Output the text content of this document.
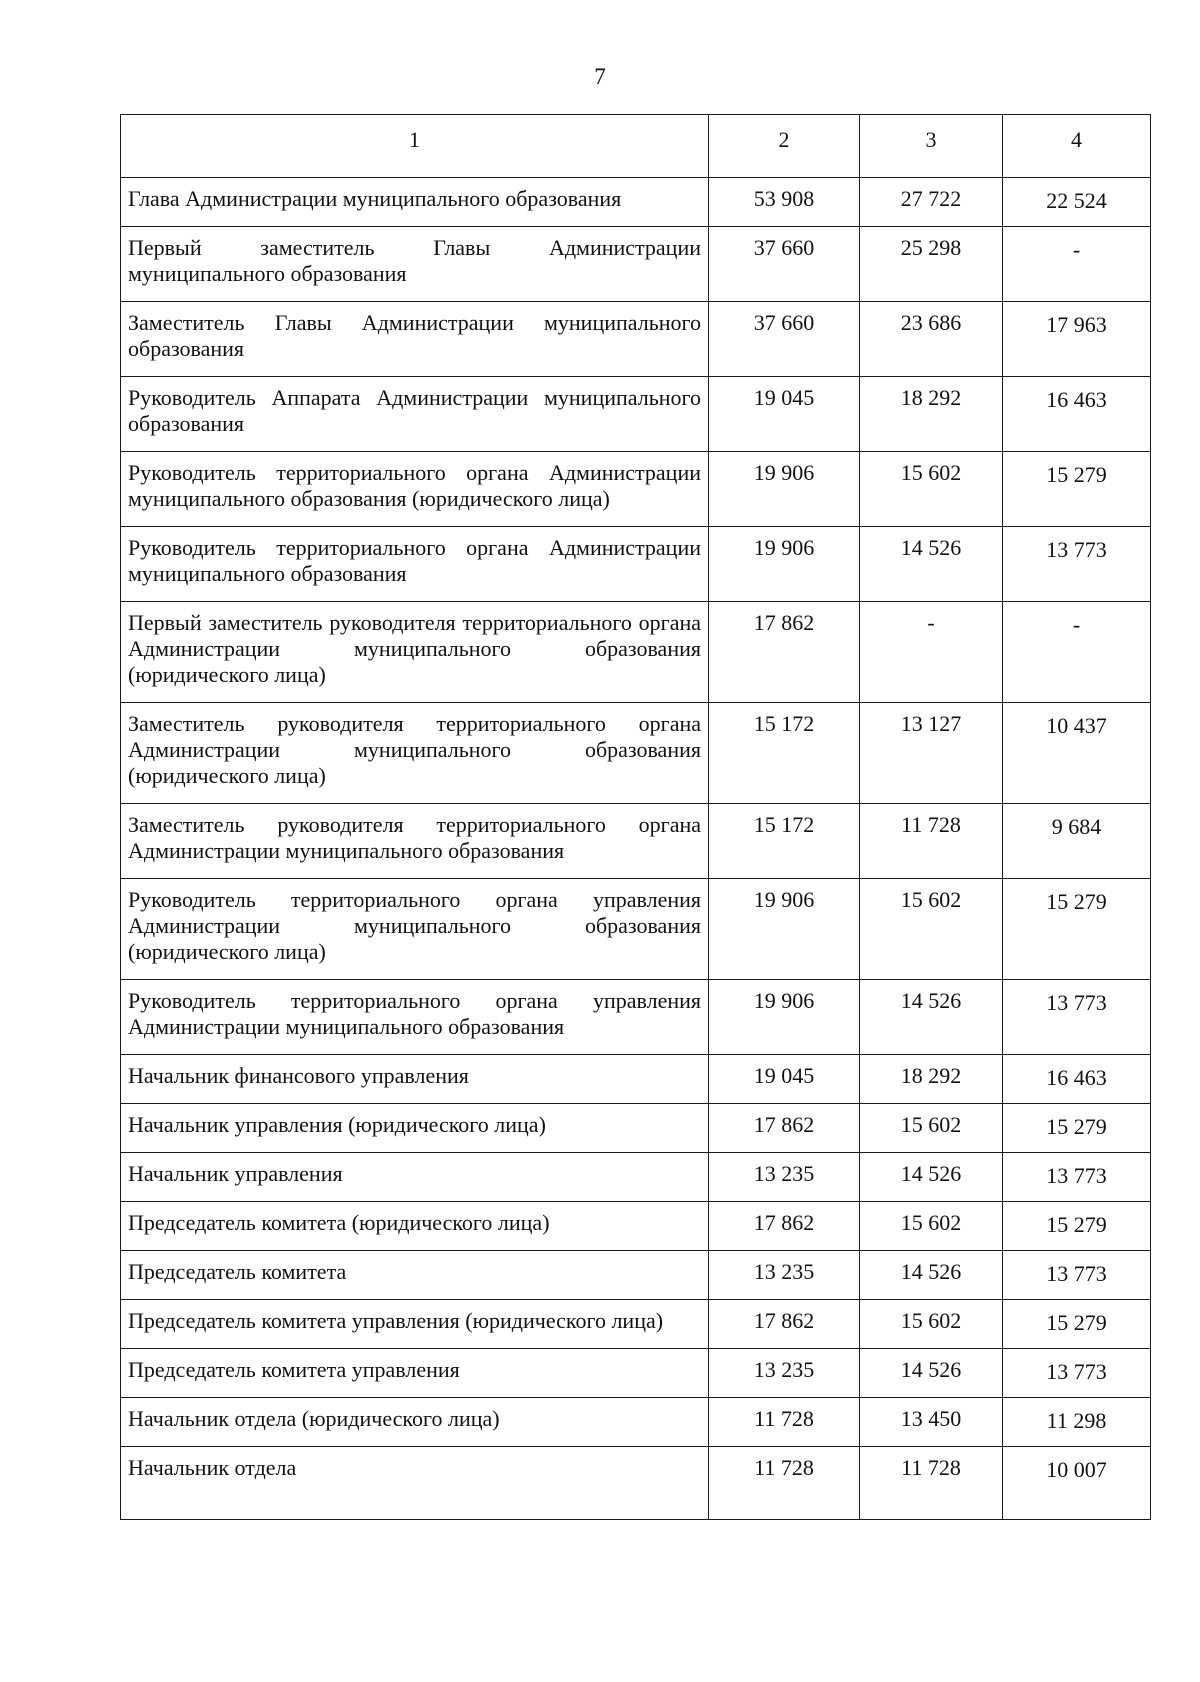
7
1	2	3	4
Глава Администрации муниципального образования	53 908	27 722	22 524
Первый заместитель Главы Администрации муниципального образования	37 660	25 298	-
Заместитель Главы Администрации муниципального образования	37 660	23 686	17 963
Руководитель Аппарата Администрации муниципального образования	19 045	18 292	16 463
Руководитель территориального органа Администрации муниципального образования (юридического лица)	19 906	15 602	15 279
Руководитель территориального органа Администрации муниципального образования	19 906	14 526	13 773
Первый заместитель руководителя территориального органа Администрации муниципального образования (юридического лица)	17 862	-	-
Заместитель руководителя территориального органа Администрации муниципального образования (юридического лица)	15 172	13 127	10 437
Заместитель руководителя территориального органа Администрации муниципального образования	15 172	11 728	9 684
Руководитель территориального органа управления Администрации муниципального образования (юридического лица)	19 906	15 602	15 279
Руководитель территориального органа управления Администрации муниципального образования	19 906	14 526	13 773
Начальник финансового управления	19 045	18 292	16 463
Начальник управления (юридического лица)	17 862	15 602	15 279
Начальник управления	13 235	14 526	13 773
Председатель комитета (юридического лица)	17 862	15 602	15 279
Председатель комитета	13 235	14 526	13 773
Председатель комитета управления (юридического лица)	17 862	15 602	15 279
Председатель комитета управления	13 235	14 526	13 773
Начальник отдела (юридического лица)	11 728	13 450	11 298
Начальник отдела	11 728	11 728	10 007
